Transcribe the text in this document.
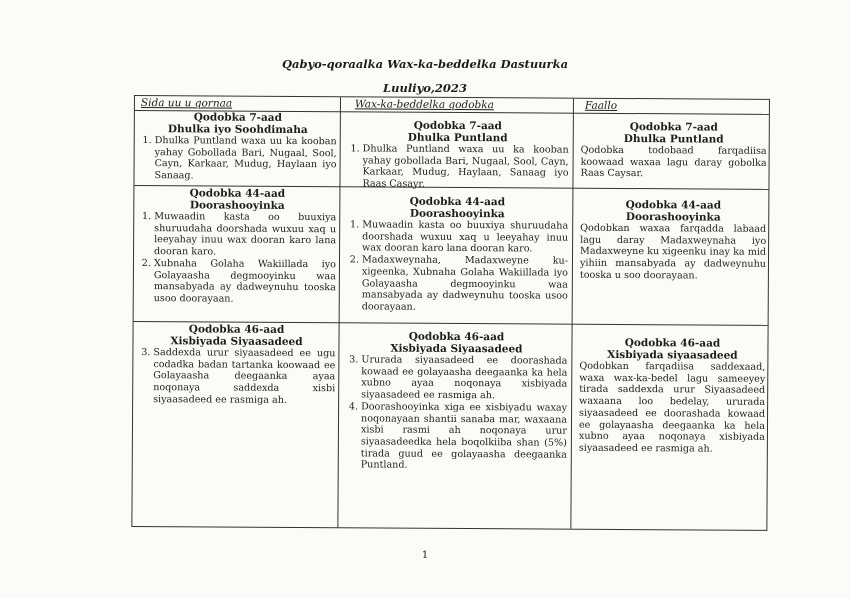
Qabyo-qoraalka Wax-ka-beddelka Dastuurka
Luuliyo,2023
Sida uu u qornaa	Wax-ka-beddelka qodobka	Faallo
Qodobka 7-aad
Dhulka iyo Soohdimaha
1. Dhulka Puntland waxa uu ka kooban yahay Gobollada Bari, Nugaal, Sool, Cayn, Karkaar, Mudug, Haylaan iyo Sanaag.
Qodobka 7-aad
Dhulka Puntland
1. Dhulka Puntland waxa uu ka kooban yahay gobollada Bari, Nugaal, Sool, Cayn, Karkaar, Mudug, Haylaan, Sanaag iyo Raas Casayr.
Qodobka 7-aad
Dhulka Puntland

Qodobka todobaad farqadiisa koowaad waxaa lagu daray gobolka Raas Caysar.

Qodobka 44-aad
Doorashooyinka
1. Muwaadin kasta oo buuxiya shuruudaha doorshada wuxuu xaq u leeyahay inuu wax dooran karo lana dooran karo.
2. Xubnaha Golaha Wakiillada iyo Golayaasha degmooyinku waa mansabyada ay dadweynuhu tooska usoo doorayaan.
Qodobka 44-aad
Doorashooyinka
1. Muwaadin kasta oo buuxiya shuruudaha doorshada wuxuu xaq u leeyahay inuu wax dooran karo lana dooran karo.
2. Madaxweynaha, Madaxweyne ku-xigeenka, Xubnaha Golaha Wakiillada iyo Golayaasha degmooyinku waa mansabyada ay dadweynuhu tooska usoo doorayaan.
Qodobka 44-aad
Doorashooyinka

Qodobkan waxaa farqadda labaad lagu daray Madaxweynaha iyo Madaxweyne ku xigeenku inay ka mid yihiin mansabyada ay dadweynuhu tooska u soo doorayaan.

Qodobka 46-aad
Xisbiyada Siyaasadeed
3. Saddexda urur siyaasadeed ee ugu codadka badan tartanka koowaad ee Golayaasha deegaanka ayaa noqonaya saddexda xisbi siyaasadeed ee rasmiga ah.
Qodobka 46-aad
Xisbiyada Siyaasadeed
3. Ururada siyaasadeed ee doorashada kowaad ee golayaasha deegaanka ka hela xubno ayaa noqonaya xisbiyada siyaasadeed ee rasmiga ah.
4. Doorashooyinka xiga ee xisbiyadu waxay noqonayaan shantii sanaba mar, waxaana xisbi rasmi ah noqonaya urur siyaasadeedka hela boqolkiiba shan (5%) tirada guud ee golayaasha deegaanka Puntland.
Qodobka 46-aad
Xisbiyada siyaasadeed

Qodobkan farqadiisa saddexaad, waxa wax-ka-bedel lagu sameeyey tirada saddexda urur Siyaasadeed waxaana loo bedelay, ururada siyaasadeed ee doorashada kowaad ee golayaasha deegaanka ka hela xubno ayaa noqonaya xisbiyada siyaasadeed ee rasmiga ah.

1
